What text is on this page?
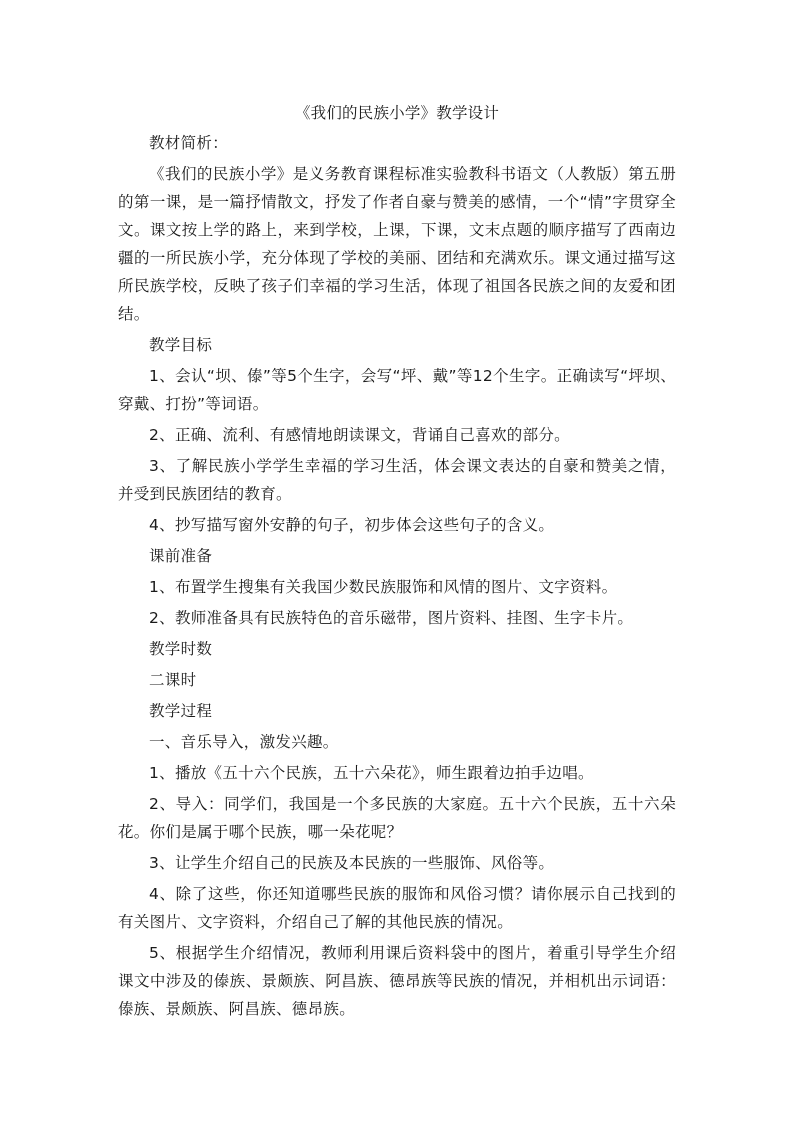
《我们的民族小学》教学设计
教材简析：
《我们的民族小学》是义务教育课程标准实验教科书语文（人教版）第五册的第一课，是一篇抒情散文，抒发了作者自豪与赞美的感情，一个“情”字贯穿全文。课文按上学的路上，来到学校，上课，下课，文末点题的顺序描写了西南边疆的一所民族小学，充分体现了学校的美丽、团结和充满欢乐。课文通过描写这所民族学校，反映了孩子们幸福的学习生活，体现了祖国各民族之间的友爱和团结。
教学目标
1、会认“坝、傣”等5个生字，会写“坪、戴”等12个生字。正确读写“坪坝、穿戴、打扮”等词语。
2、正确、流利、有感情地朗读课文，背诵自己喜欢的部分。
3、了解民族小学学生幸福的学习生活，体会课文表达的自豪和赞美之情，并受到民族团结的教育。
4、抄写描写窗外安静的句子，初步体会这些句子的含义。
课前准备
1、布置学生搜集有关我国少数民族服饰和风情的图片、文字资料。
2、教师准备具有民族特色的音乐磁带，图片资料、挂图、生字卡片。
教学时数
二课时
教学过程
一、音乐导入，激发兴趣。
1、播放《五十六个民族，五十六朵花》，师生跟着边拍手边唱。
2、导入：同学们，我国是一个多民族的大家庭。五十六个民族，五十六朵花。你们是属于哪个民族，哪一朵花呢？
3、让学生介绍自己的民族及本民族的一些服饰、风俗等。
4、除了这些，你还知道哪些民族的服饰和风俗习惯？请你展示自己找到的有关图片、文字资料，介绍自己了解的其他民族的情况。
5、根据学生介绍情况，教师利用课后资料袋中的图片，着重引导学生介绍课文中涉及的傣族、景颇族、阿昌族、德昂族等民族的情况，并相机出示词语：傣族、景颇族、阿昌族、德昂族。
